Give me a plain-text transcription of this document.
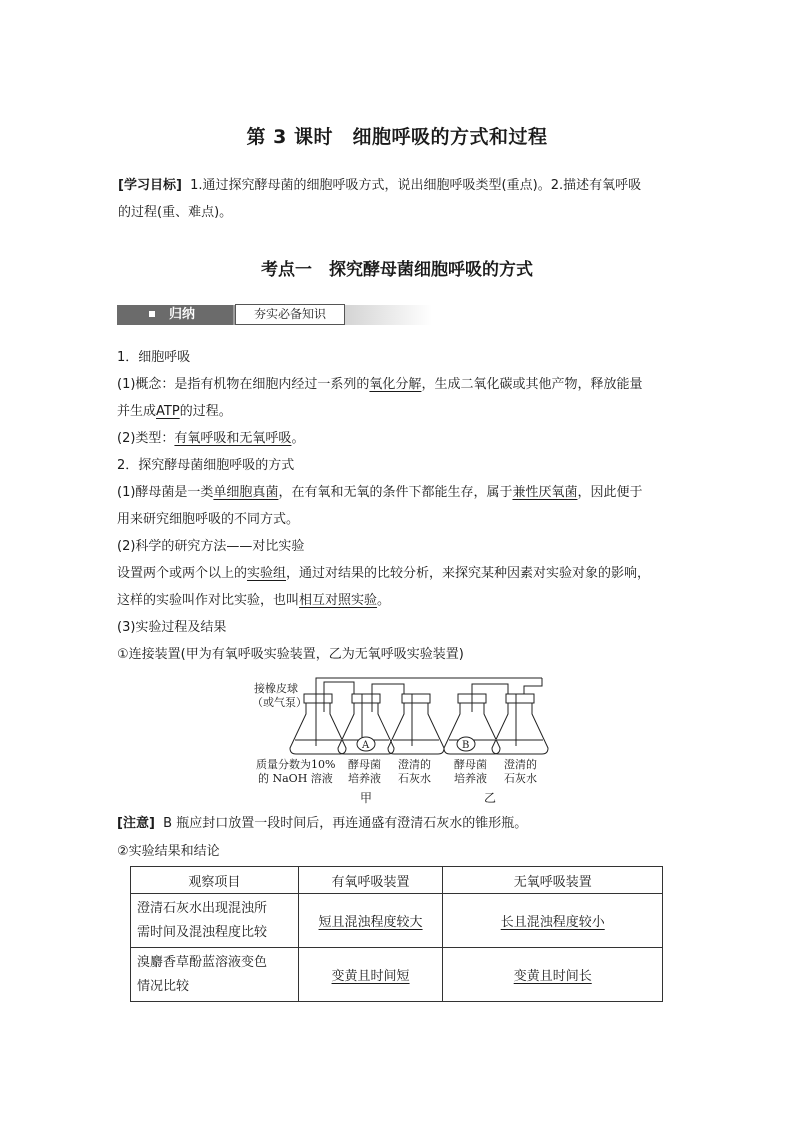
第 3 课时　细胞呼吸的方式和过程
[学习目标] 1.通过探究酵母菌的细胞呼吸方式，说出细胞呼吸类型(重点)。2.描述有氧呼吸
的过程(重、难点)。
考点一　探究酵母菌细胞呼吸的方式
归纳	夯实必备知识
1．细胞呼吸
(1)概念：是指有机物在细胞内经过一系列的氧化分解，生成二氧化碳或其他产物，释放能量
并生成ATP的过程。
(2)类型：有氧呼吸和无氧呼吸。
2．探究酵母菌细胞呼吸的方式
(1)酵母菌是一类单细胞真菌，在有氧和无氧的条件下都能生存，属于兼性厌氧菌，因此便于
用来研究细胞呼吸的不同方式。
(2)科学的研究方法——对比实验
设置两个或两个以上的实验组，通过对结果的比较分析，来探究某种因素对实验对象的影响，
这样的实验叫作对比实验，也叫相互对照实验。
(3)实验过程及结果
①连接装置(甲为有氧呼吸实验装置，乙为无氧呼吸实验装置)
接橡皮球
（或气泵）
A	B
质量分数为10%
的 NaOH 溶液
酵母菌
培养液
澄清的
石灰水
酵母菌
培养液
澄清的
石灰水
甲	乙
[注意] B 瓶应封口放置一段时间后，再连通盛有澄清石灰水的锥形瓶。
②实验结果和结论
观察项目	有氧呼吸装置	无氧呼吸装置

澄清石灰水出现混浊所
需时间及混浊程度比较	短且混浊程度较大	长且混浊程度较小

溴麝香草酚蓝溶液变色
情况比较	变黄且时间短	变黄且时间长
